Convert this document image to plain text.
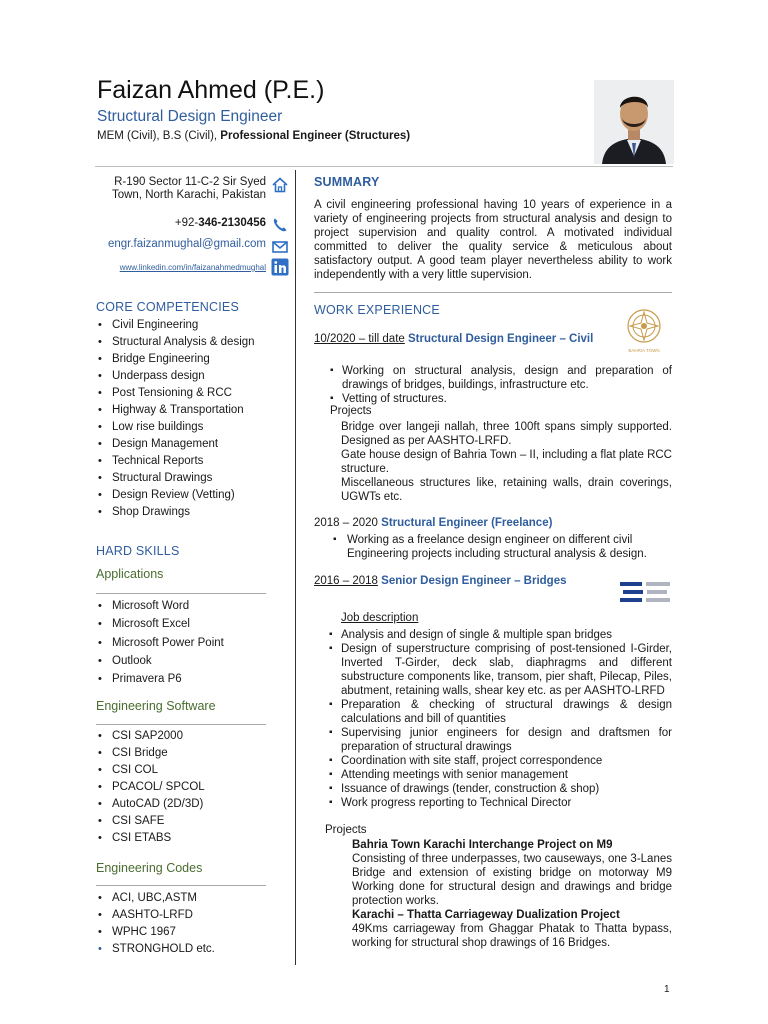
Faizan Ahmed (P.E.)
Structural Design Engineer
MEM (Civil), B.S (Civil), Professional Engineer (Structures)
R-190 Sector 11-C-2 Sir Syed
Town, North Karachi, Pakistan
+92-346-2130456
engr.faizanmughal@gmail.com
www.linkedin.com/in/faizanahmedmughal
CORE COMPETENCIES
• Civil Engineering
• Structural Analysis & design
• Bridge Engineering
• Underpass design
• Post Tensioning & RCC
• Highway & Transportation
• Low rise buildings
• Design Management
• Technical Reports
• Structural Drawings
• Design Review (Vetting)
• Shop Drawings
HARD SKILLS
Applications
• Microsoft Word
• Microsoft Excel
• Microsoft Power Point
• Outlook
• Primavera P6
Engineering Software
• CSI SAP2000
• CSI Bridge
• CSI COL
• PCACOL/ SPCOL
• AutoCAD (2D/3D)
• CSI SAFE
• CSI ETABS
Engineering Codes
• ACI, UBC,ASTM
• AASHTO-LRFD
• WPHC 1967
• STRONGHOLD etc.
SUMMARY
A civil engineering professional having 10 years of experience in a variety of engineering projects from structural analysis and design to project supervision and quality control. A motivated individual committed to deliver the quality service & meticulous about satisfactory output. A good team player nevertheless ability to work independently with a very little supervision.
WORK EXPERIENCE
10/2020 – till date Structural Design Engineer – Civil
BAHRIA TOWN
▪ Working on structural analysis, design and preparation of drawings of bridges, buildings, infrastructure etc.
▪ Vetting of structures.
Projects
Bridge over langeji nallah, three 100ft spans simply supported. Designed as per AASHTO-LRFD.
Gate house design of Bahria Town – II, including a flat plate RCC structure.
Miscellaneous structures like, retaining walls, drain coverings, UGWTs etc.
2018 – 2020 Structural Engineer (Freelance)
▪ Working as a freelance design engineer on different civil Engineering projects including structural analysis & design.
2016 – 2018 Senior Design Engineer – Bridges
Job description
▪ Analysis and design of single & multiple span bridges
▪ Design of superstructure comprising of post-tensioned I-Girder, Inverted T-Girder, deck slab, diaphragms and different substructure components like, transom, pier shaft, Pilecap, Piles, abutment, retaining walls, shear key etc. as per AASHTO-LRFD
▪ Preparation & checking of structural drawings & design calculations and bill of quantities
▪ Supervising junior engineers for design and draftsmen for preparation of structural drawings
▪ Coordination with site staff, project correspondence
▪ Attending meetings with senior management
▪ Issuance of drawings (tender, construction & shop)
▪ Work progress reporting to Technical Director
Projects
Bahria Town Karachi Interchange Project on M9
Consisting of three underpasses, two causeways, one 3-Lanes Bridge and extension of existing bridge on motorway M9 Working done for structural design and drawings and bridge protection works.
Karachi – Thatta Carriageway Dualization Project
49Kms carriageway from Ghaggar Phatak to Thatta bypass, working for structural shop drawings of 16 Bridges.
1
